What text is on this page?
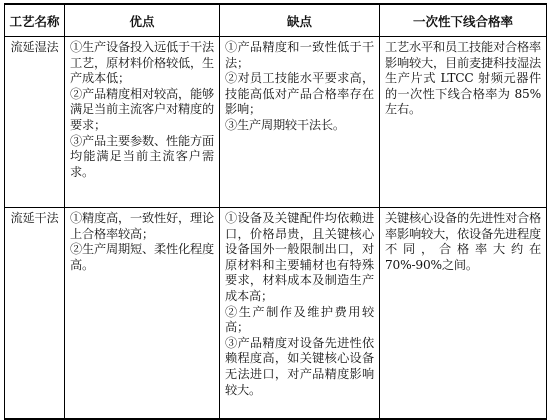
工艺名称	优点	缺点	一次性下线合格率
流延湿法	①生产设备投入远低于干法工艺，原材料价格较低，生产成本低；
②产品精度相对较高，能够满足当前主流客户对精度的要求；
③产品主要参数、性能方面均能满足当前主流客户需求。	①产品精度和一致性低于干法；
②对员工技能水平要求高，技能高低对产品合格率存在影响；
③生产周期较干法长。	工艺水平和员工技能对合格率影响较大，目前麦捷科技湿法生产片式 LTCC 射频元器件的一次性下线合格率为 85%左右。

流延干法	①精度高，一致性好，理论上合格率较高；
②生产周期短、柔性化程度高。	①设备及关键配件均依赖进口，价格昂贵，且关键核心设备国外一般限制出口，对原材料和主要辅材也有特殊要求，材料成本及制造生产成本高；
②生产制作及维护费用较高；
③产品精度对设备先进性依赖程度高，如关键核心设备无法进口，对产品精度影响较大。	关键核心设备的先进性对合格率影响较大，依设备先进程度不同，合格率大约在 70%-90%之间。
